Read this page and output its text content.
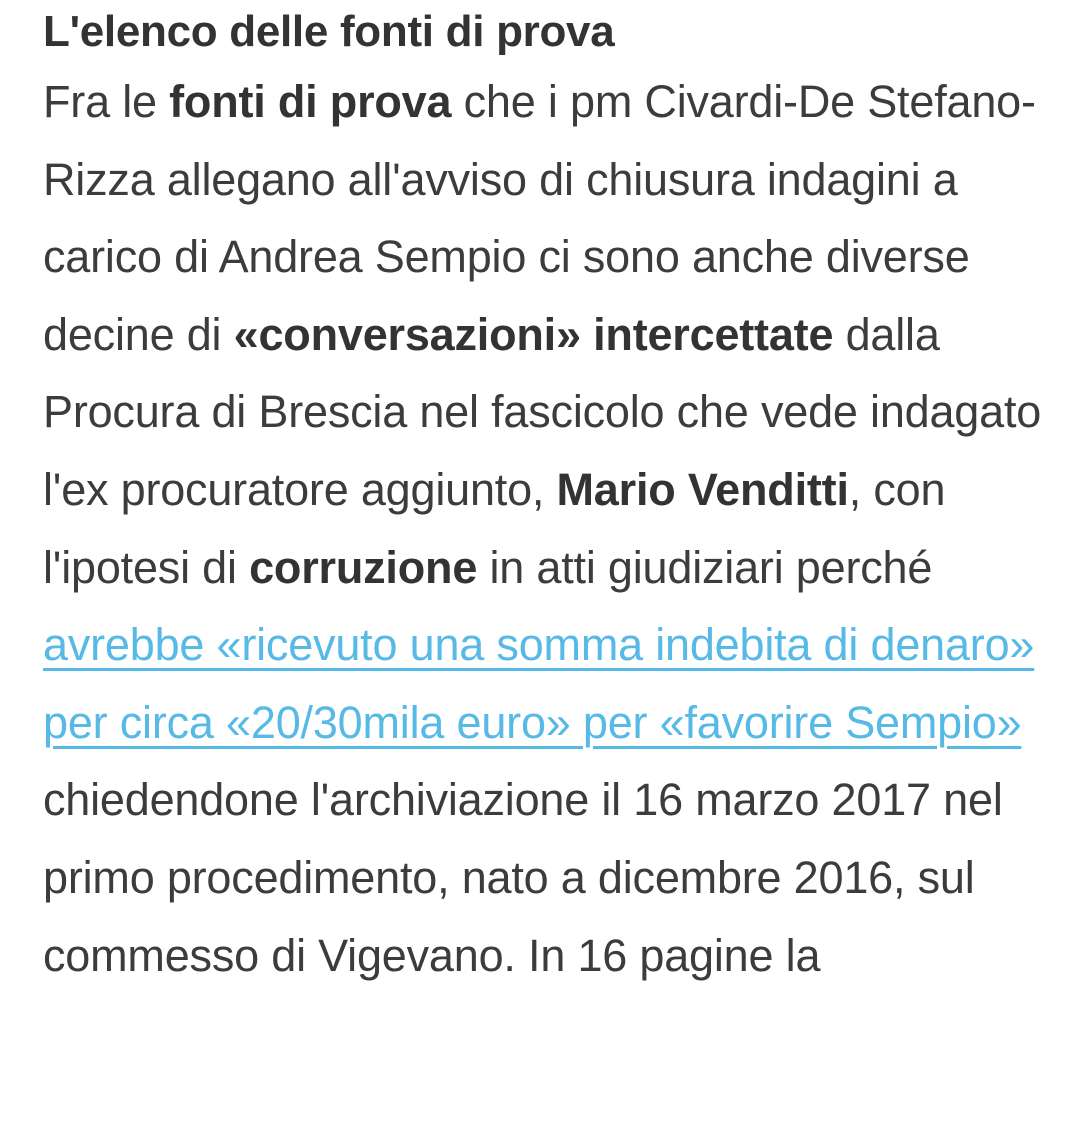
L'elenco delle fonti di prova

Fra le fonti di prova che i pm Civardi-De Stefano-Rizza allegano all'avviso di chiusura indagini a carico di Andrea Sempio ci sono anche diverse decine di «conversazioni» intercettate dalla Procura di Brescia nel fascicolo che vede indagato l'ex procuratore aggiunto, Mario Venditti, con l'ipotesi di corruzione in atti giudiziari perché avrebbe «ricevuto una somma indebita di denaro» per circa «20/30mila euro» per «favorire Sempio» chiedendone l'archiviazione il 16 marzo 2017 nel primo procedimento, nato a dicembre 2016, sul commesso di Vigevano. In 16 pagine la
